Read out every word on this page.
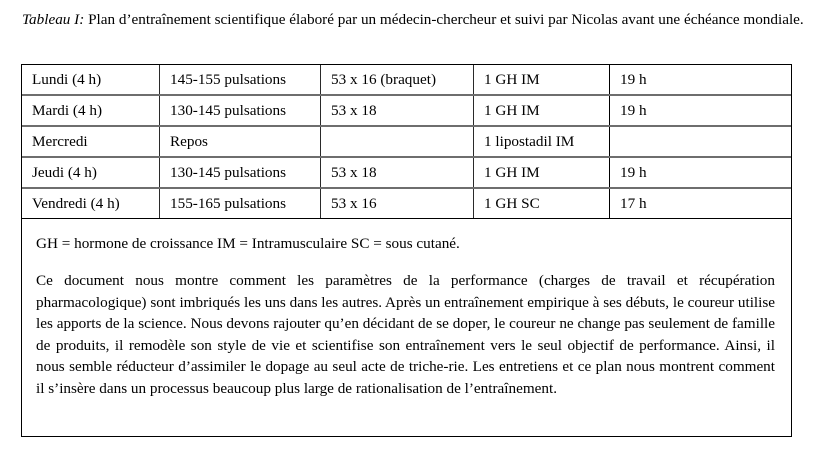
Tableau I: Plan d’entraînement scientifique élaboré par un médecin-chercheur et suivi par Nicolas avant une échéance mondiale.
Lundi (4 h)	145-155 pulsations	53 x 16 (braquet)	1 GH IM	19 h
Mardi (4 h)	130-145 pulsations	53 x 18	1 GH IM	19 h
Mercredi	Repos		1 lipostadil IM	
Jeudi (4 h)	130-145 pulsations	53 x 18	1 GH IM	19 h
Vendredi (4 h)	155-165 pulsations	53 x 16	1 GH SC	17 h
GH = hormone de croissance IM = Intramusculaire SC = sous cutané.
Ce document nous montre comment les paramètres de la performance (charges de travail et récupération pharmacologique) sont imbriqués les uns dans les autres. Après un entraînement empirique à ses débuts, le coureur utilise les apports de la science. Nous devons rajouter qu’en décidant de se doper, le coureur ne change pas seulement de famille de produits, il remodèle son style de vie et scientifise son entraînement vers le seul objectif de performance. Ainsi, il nous semble réducteur d’assimiler le dopage au seul acte de triche-rie. Les entretiens et ce plan nous montrent comment il s’insère dans un processus beaucoup plus large de rationalisation de l’entraînement.
